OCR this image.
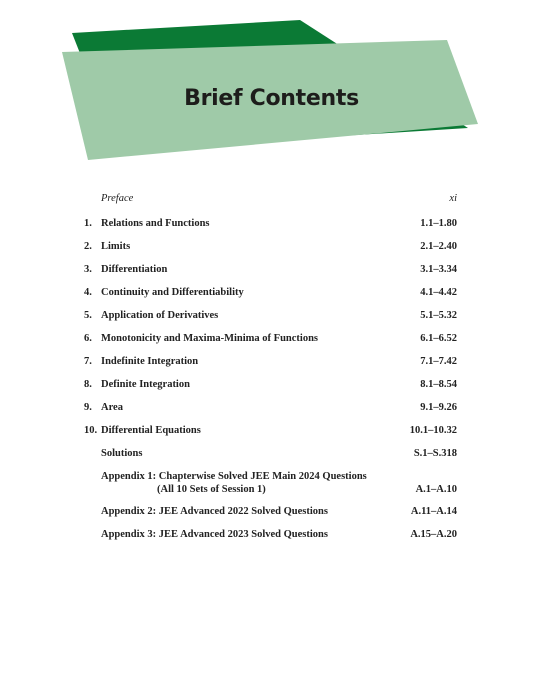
Brief Contents
Preface	xi
1. Relations and Functions	1.1–1.80
2. Limits	2.1–2.40
3. Differentiation	3.1–3.34
4. Continuity and Differentiability	4.1–4.42
5. Application of Derivatives	5.1–5.32
6. Monotonicity and Maxima-Minima of Functions	6.1–6.52
7. Indefinite Integration	7.1–7.42
8. Definite Integration	8.1–8.54
9. Area	9.1–9.26
10. Differential Equations	10.1–10.32
Solutions	S.1–S.318
Appendix 1: Chapterwise Solved JEE Main 2024 Questions
(All 10 Sets of Session 1)	A.1–A.10
Appendix 2: JEE Advanced 2022 Solved Questions	A.11–A.14
Appendix 3: JEE Advanced 2023 Solved Questions	A.15–A.20
